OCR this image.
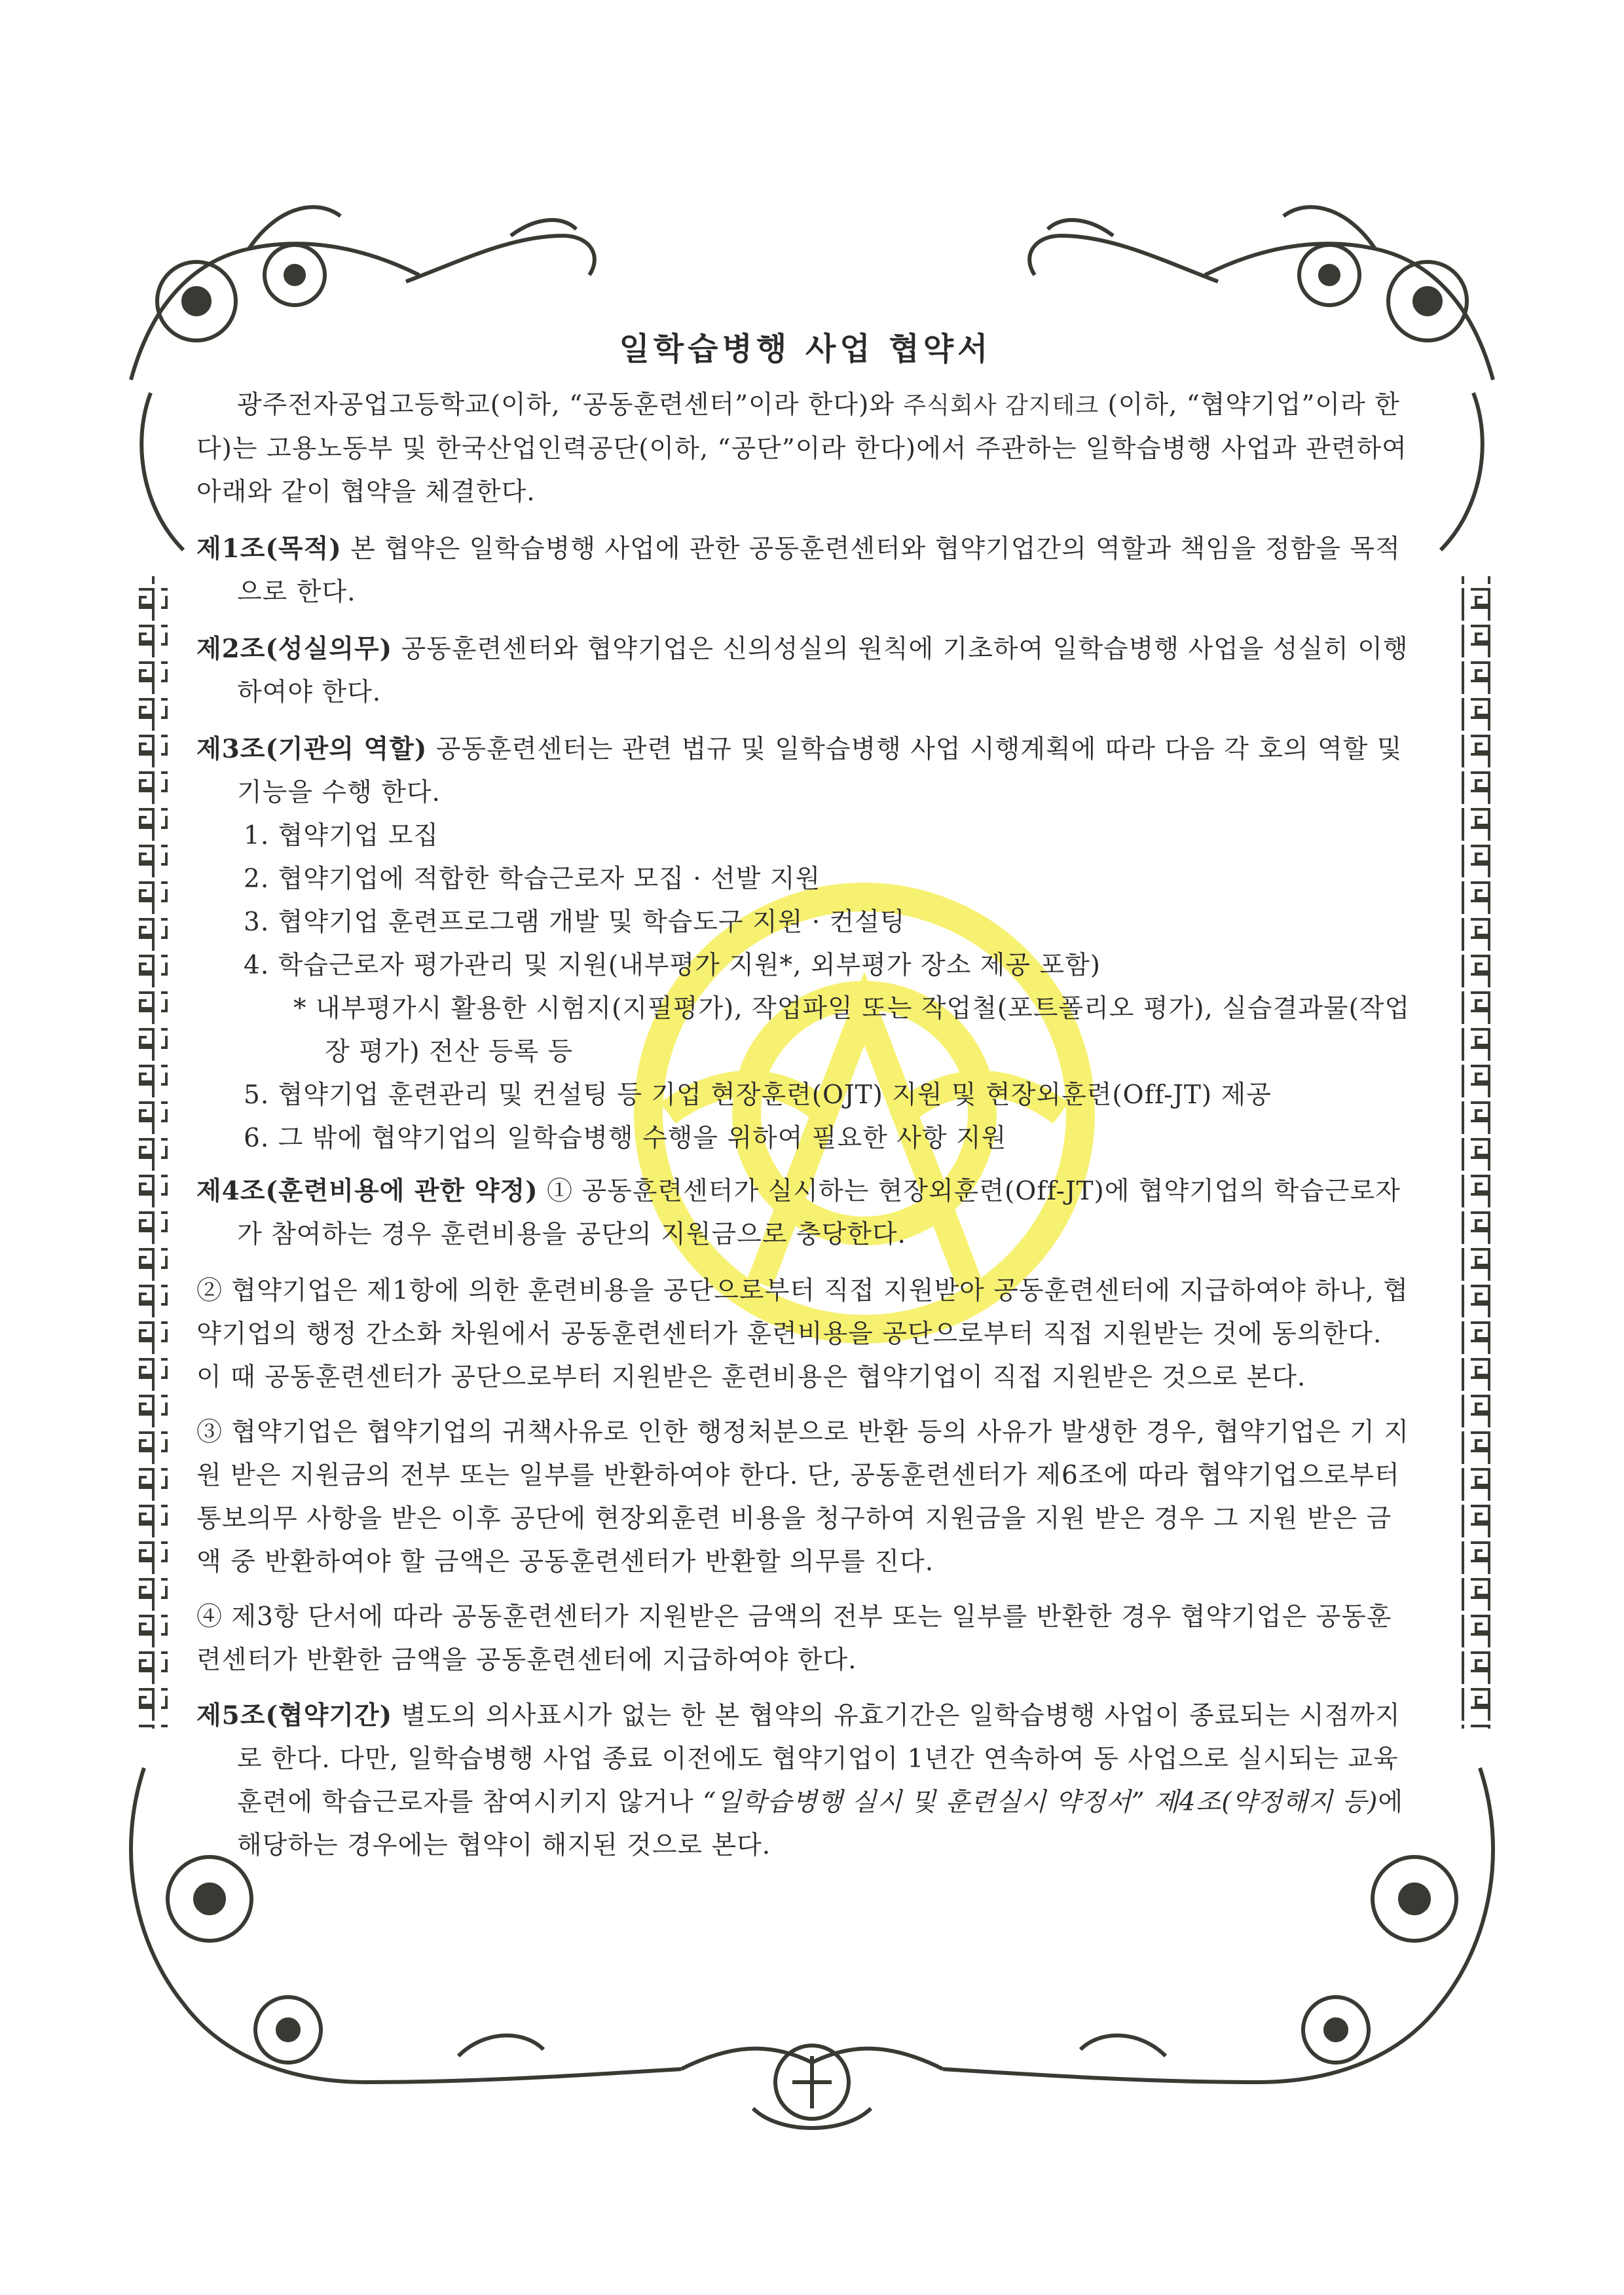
일학습병행 사업 협약서

광주전자공업고등학교(이하, “공동훈련센터”이라 한다)와 주식회사 감지테크 (이하, “협약기업”이라 한다)는 고용노동부 및 한국산업인력공단(이하, “공단”이라 한다)에서 주관하는 일학습병행 사업과 관련하여 아래와 같이 협약을 체결한다.

제1조(목적) 본 협약은 일학습병행 사업에 관한 공동훈련센터와 협약기업간의 역할과 책임을 정함을 목적으로 한다.

제2조(성실의무) 공동훈련센터와 협약기업은 신의성실의 원칙에 기초하여 일학습병행 사업을 성실히 이행하여야 한다.

제3조(기관의 역할) 공동훈련센터는 관련 법규 및 일학습병행 사업 시행계획에 따라 다음 각 호의 역할 및 기능을 수행 한다.

1. 협약기업 모집
2. 협약기업에 적합한 학습근로자 모집 · 선발 지원
3. 협약기업 훈련프로그램 개발 및 학습도구 지원 · 컨설팅
4. 학습근로자 평가관리 및 지원(내부평가 지원*, 외부평가 장소 제공 포함)
* 내부평가시 활용한 시험지(지필평가), 작업파일 또는 작업철(포트폴리오 평가), 실습결과물(작업장 평가) 전산 등록 등
5. 협약기업 훈련관리 및 컨설팅 등 기업 현장훈련(OJT) 지원 및 현장외훈련(Off-JT) 제공
6. 그 밖에 협약기업의 일학습병행 수행을 위하여 필요한 사항 지원

제4조(훈련비용에 관한 약정) ① 공동훈련센터가 실시하는 현장외훈련(Off-JT)에 협약기업의 학습근로자가 참여하는 경우 훈련비용을 공단의 지원금으로 충당한다.

② 협약기업은 제1항에 의한 훈련비용을 공단으로부터 직접 지원받아 공동훈련센터에 지급하여야 하나, 협약기업의 행정 간소화 차원에서 공동훈련센터가 훈련비용을 공단으로부터 직접 지원받는 것에 동의한다. 이 때 공동훈련센터가 공단으로부터 지원받은 훈련비용은 협약기업이 직접 지원받은 것으로 본다.

③ 협약기업은 협약기업의 귀책사유로 인한 행정처분으로 반환 등의 사유가 발생한 경우, 협약기업은 기 지원 받은 지원금의 전부 또는 일부를 반환하여야 한다. 단, 공동훈련센터가 제6조에 따라 협약기업으로부터 통보의무 사항을 받은 이후 공단에 현장외훈련 비용을 청구하여 지원금을 지원 받은 경우 그 지원 받은 금액 중 반환하여야 할 금액은 공동훈련센터가 반환할 의무를 진다.

④ 제3항 단서에 따라 공동훈련센터가 지원받은 금액의 전부 또는 일부를 반환한 경우 협약기업은 공동훈련센터가 반환한 금액을 공동훈련센터에 지급하여야 한다.

제5조(협약기간) 별도의 의사표시가 없는 한 본 협약의 유효기간은 일학습병행 사업이 종료되는 시점까지로 한다. 다만, 일학습병행 사업 종료 이전에도 협약기업이 1년간 연속하여 동 사업으로 실시되는 교육훈련에 학습근로자를 참여시키지 않거나 “일학습병행 실시 및 훈련실시 약정서” 제4조(약정해지 등)에 해당하는 경우에는 협약이 해지된 것으로 본다.
